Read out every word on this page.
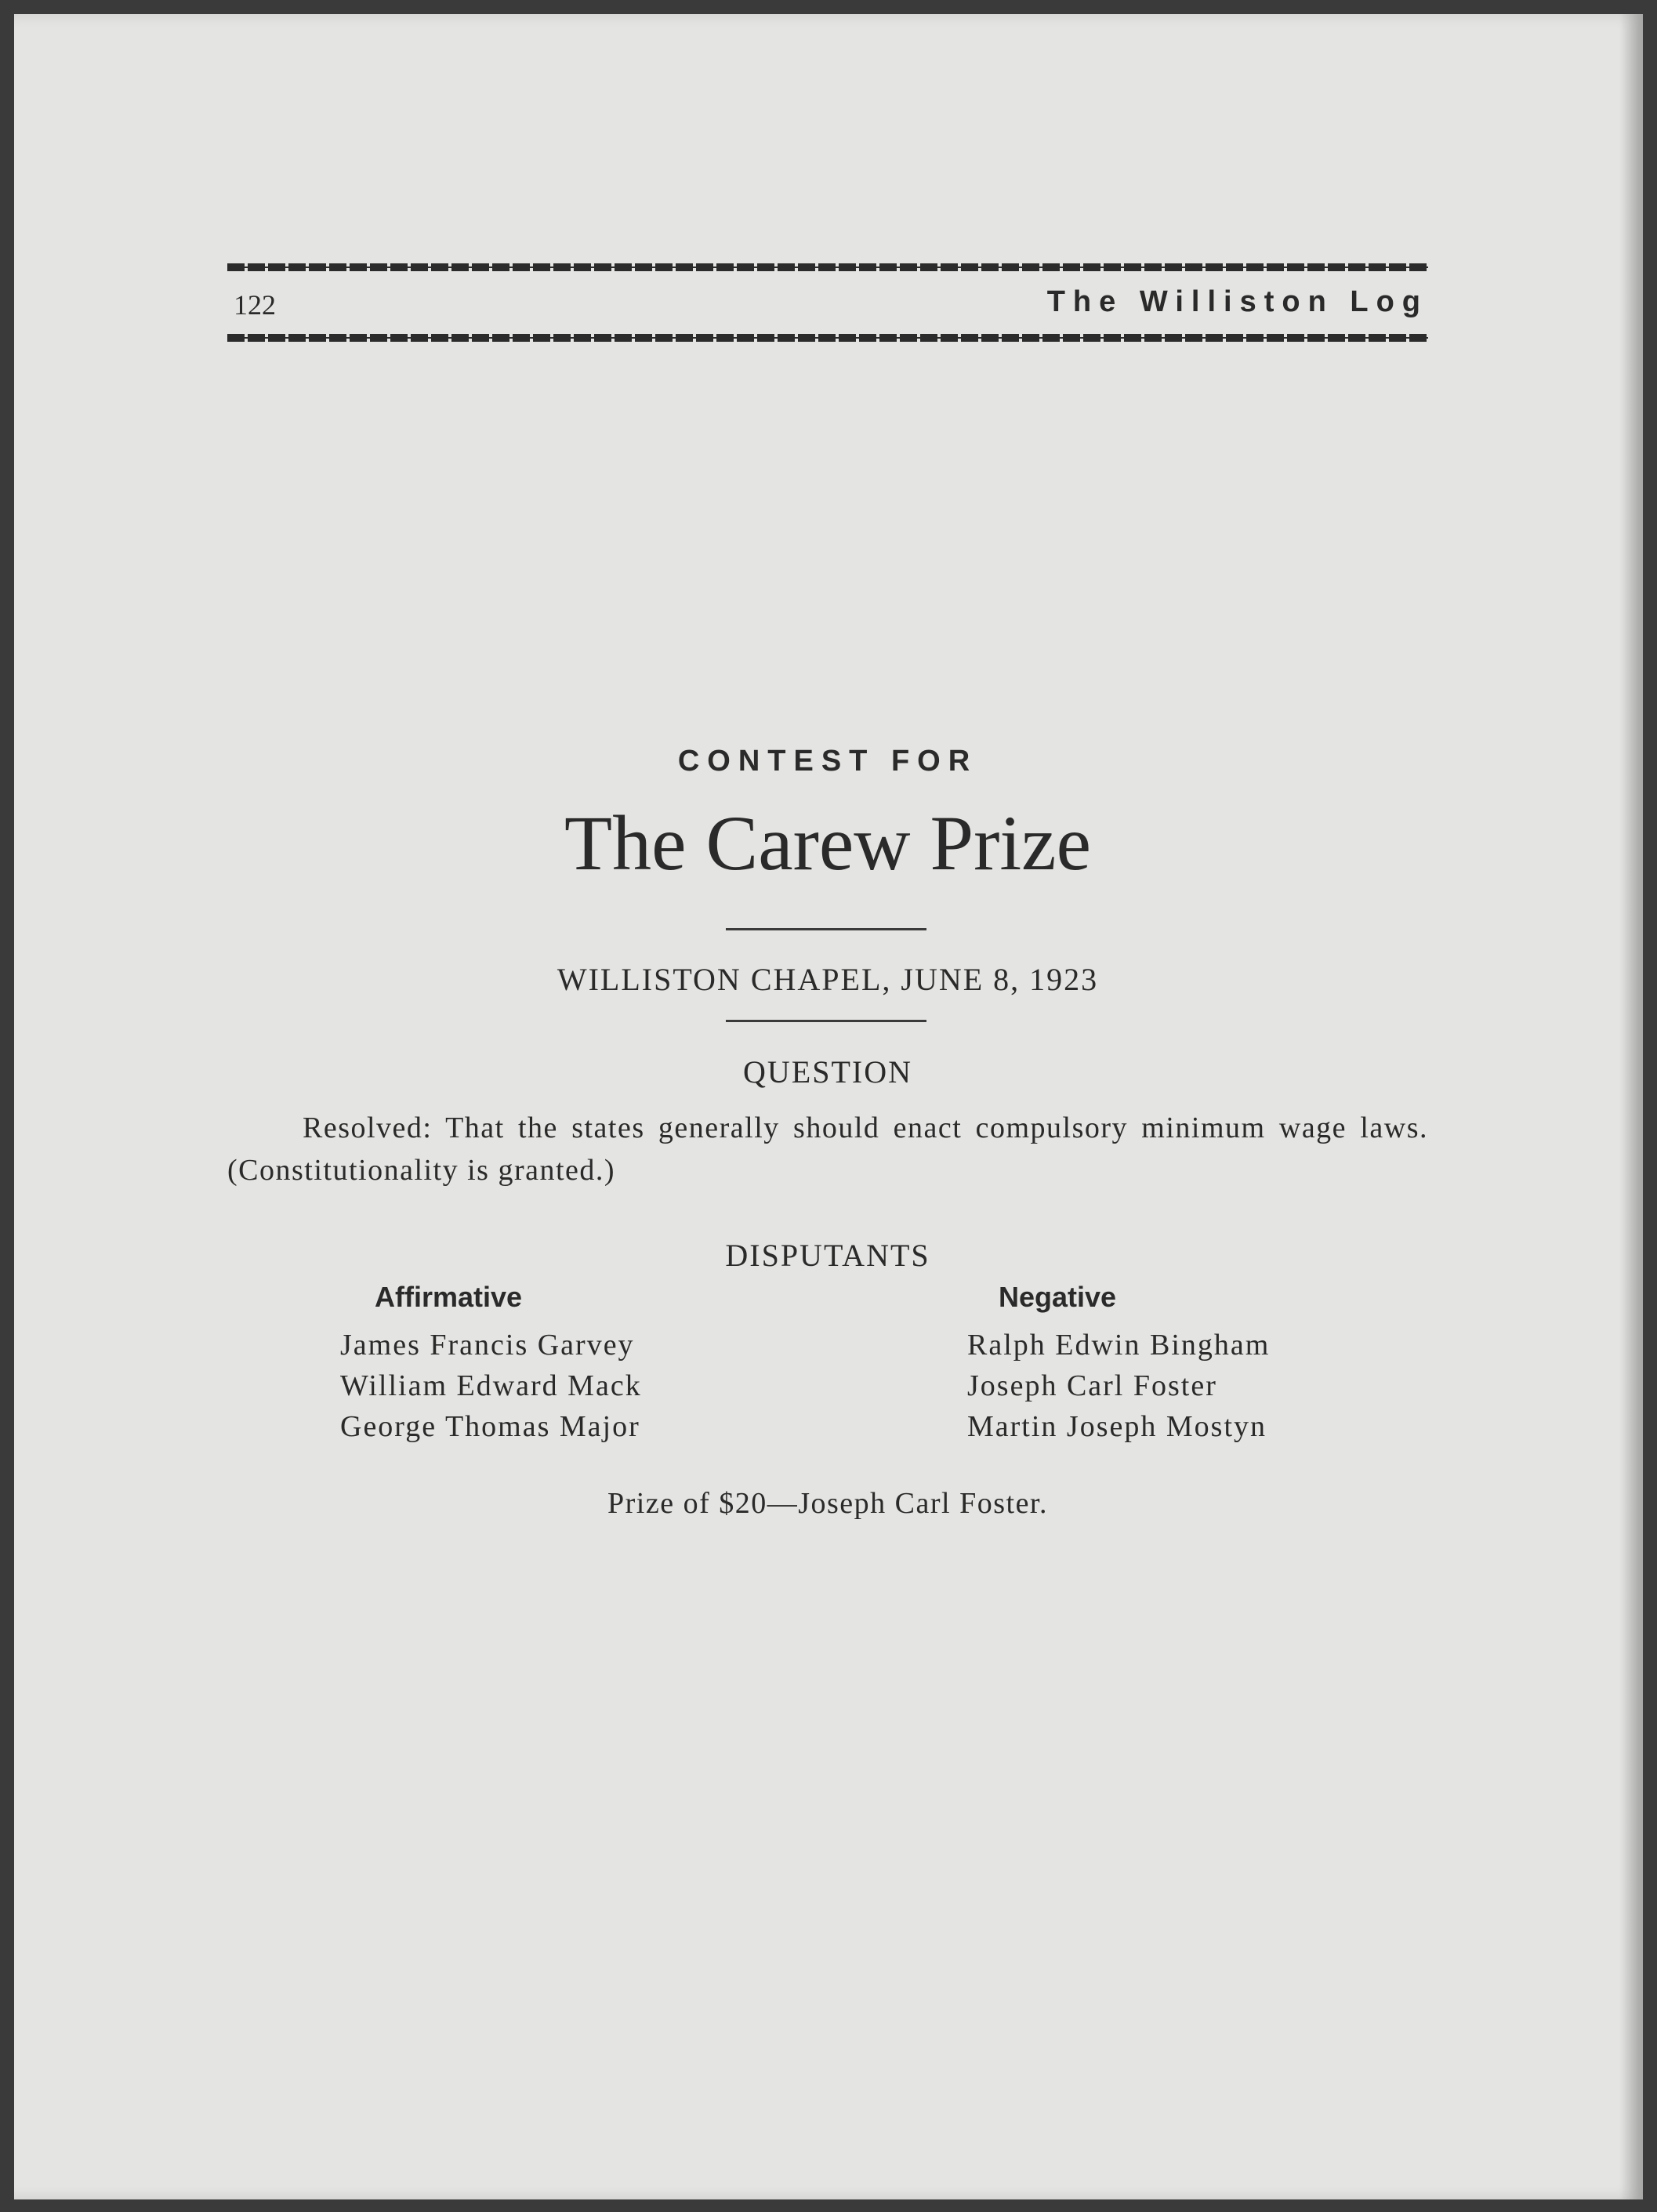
122	The Williston Log
CONTEST FOR
The Carew Prize
WILLISTON CHAPEL, JUNE 8, 1923
QUESTION
Resolved: That the states generally should enact compulsory minimum wage laws. (Constitutionality is granted.)
DISPUTANTS
Affirmative
James Francis Garvey
William Edward Mack
George Thomas Major
Negative
Ralph Edwin Bingham
Joseph Carl Foster
Martin Joseph Mostyn
Prize of $20—Joseph Carl Foster.
